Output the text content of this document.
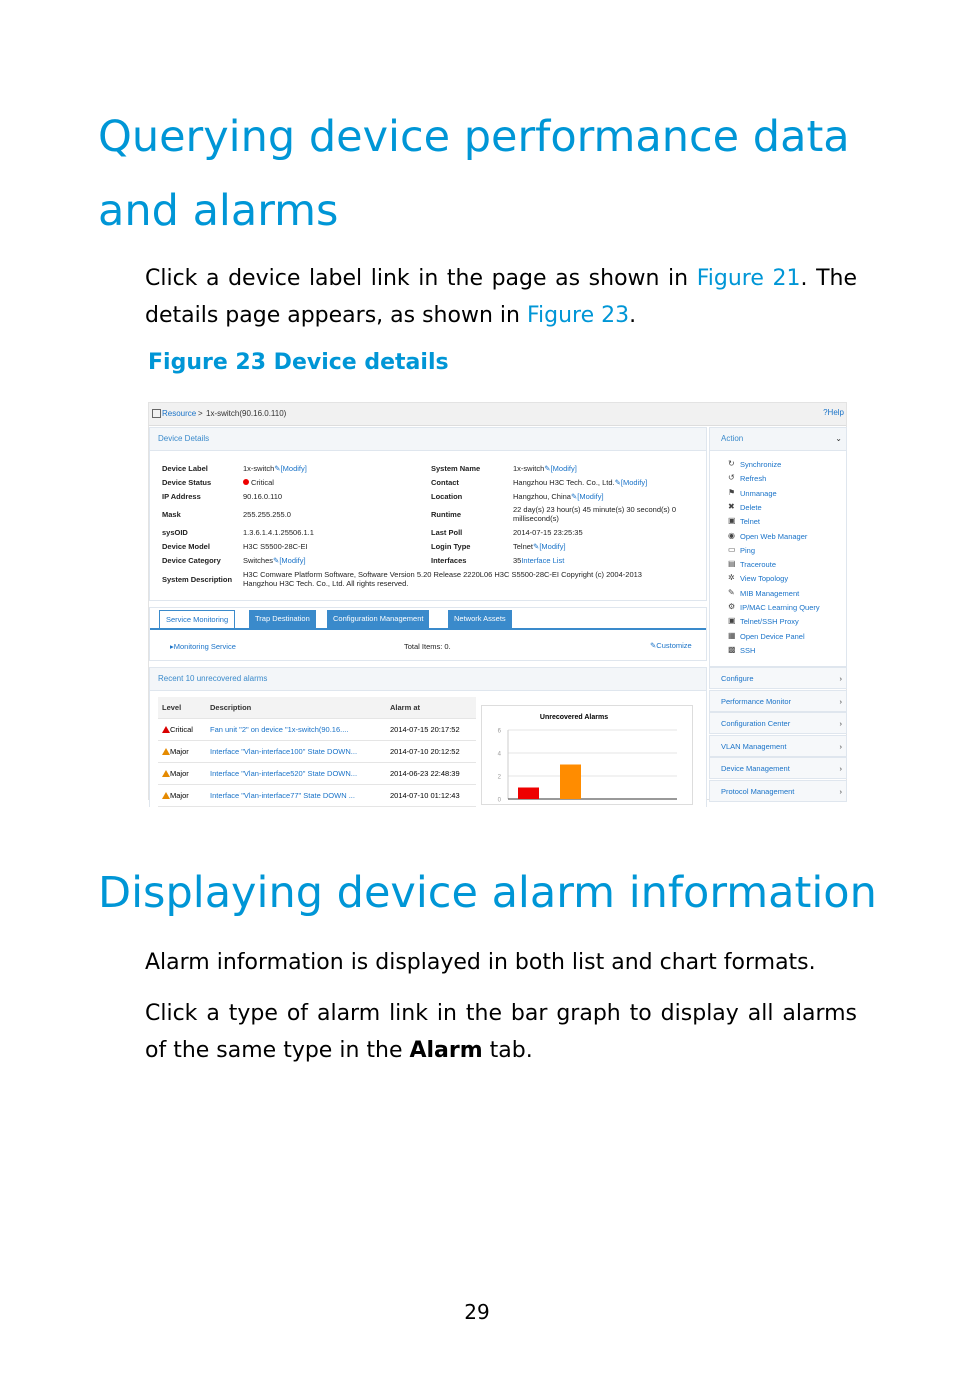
Querying device performance data and alarms

Click a device label link in the page as shown in Figure 21. The details page appears, as shown in Figure 23.

Figure 23 Device details
Resource > 1x-switch(90.16.0.110)	?Help
Device Details
Device Label	1x-switch✎[Modify]
Device Status	Critical
IP Address	90.16.0.110
Mask	255.255.255.0
sysOID	1.3.6.1.4.1.25506.1.1
Device Model	H3C S5500-28C-EI
Device Category	Switches✎[Modify]
System Name	1x-switch✎[Modify]
Contact	Hangzhou H3C Tech. Co., Ltd.✎[Modify]
Location	Hangzhou, China✎[Modify]
Runtime
22 day(s) 23 hour(s) 45 minute(s) 30 second(s) 0
millisecond(s)
Last Poll	2014-07-15 23:25:35
Login Type	Telnet✎[Modify]
Interfaces	35Interface List
System Description
H3C Comware Platform Software, Software Version 5.20 Release 2220L06 H3C S5500-28C-EI Copyright (c) 2004-2013
Hangzhou H3C Tech. Co., Ltd. All rights reserved.
Service Monitoring	Trap Destination	Configuration Management	Network Assets
▸Monitoring Service	Total Items: 0.	✎Customize
Recent 10 unrecovered alarms
Level	Description	Alarm at
Critical	Fan unit "2" on device "1x-switch(90.16....	2014-07-15 20:17:52
Major	Interface "Vlan-interface100" State DOWN...	2014-07-10 20:12:52
Major	Interface "Vlan-interface520" State DOWN...	2014-06-23 22:48:39
Major	Interface "Vlan-interface77" State DOWN ...	2014-07-10 01:12:43
Unrecovered Alarms
0
2
4
6
Action	⌄
↻ Synchronize
↺ Refresh
⚑ Unmanage
✖ Delete
▣ Telnet
◉ Open Web Manager
▭ Ping
▤ Traceroute
✲ View Topology
✎ MIB Management
⚙ IP/MAC Learning Query
▣ Telnet/SSH Proxy
▦ Open Device Panel
▩ SSH
Configure	›
Performance Monitor	›
Configuration Center	›
VLAN Management	›
Device Management	›
Protocol Management	›
Displaying device alarm information

Alarm information is displayed in both list and chart formats.

Click a type of alarm link in the bar graph to display all alarms of the same type in the Alarm tab.

29
